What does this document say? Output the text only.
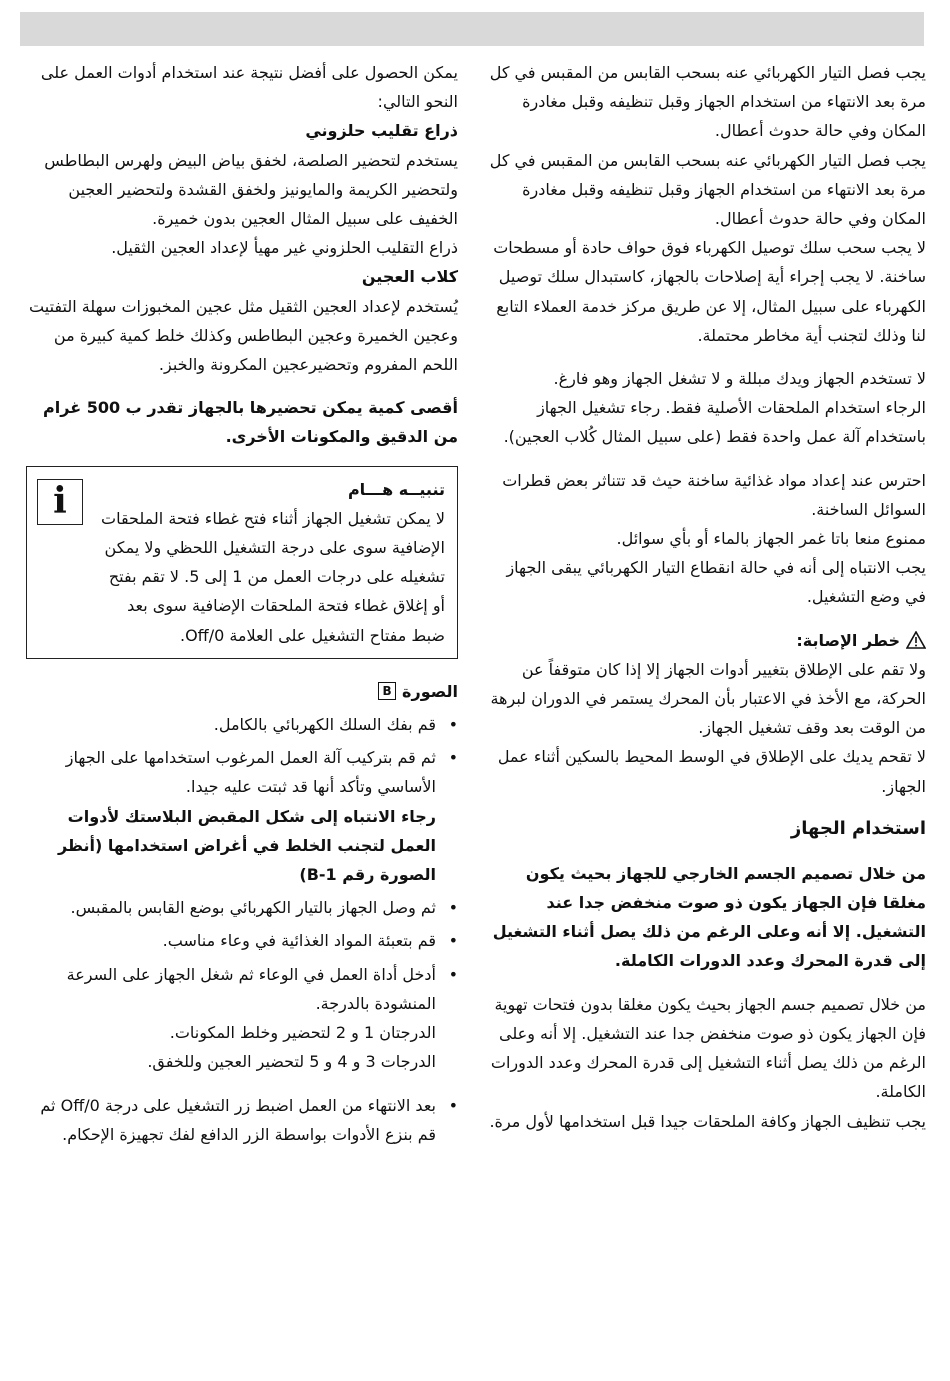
يجب فصل التيار الكهربائي عنه بسحب القابس من المقبس في كل مرة بعد الانتهاء من استخدام الجهاز وقبل تنظيفه وقبل مغادرة المكان وفي حالة حدوث أعطال.

يجب فصل التيار الكهربائي عنه بسحب القابس من المقبس في كل مرة بعد الانتهاء من استخدام الجهاز وقبل تنظيفه وقبل مغادرة المكان وفي حالة حدوث أعطال.

لا يجب سحب سلك توصيل الكهرباء فوق حواف حادة أو مسطحات ساخنة. لا يجب إجراء أية إصلاحات بالجهاز، كاستبدال سلك توصيل الكهرباء على سبيل المثال، إلا عن طريق مركز خدمة العملاء التابع لنا وذلك لتجنب أية مخاطر محتملة.

لا تستخدم الجهاز ويدك مبللة و لا تشغل الجهاز وهو فارغ.

الرجاء استخدام الملحقات الأصلية فقط. رجاء تشغيل الجهاز باستخدام آلة عمل واحدة فقط (على سبيل المثال كُلاب العجين).

احترس عند إعداد مواد غذائية ساخنة حيث قد تتناثر بعض قطرات السوائل الساخنة.

ممنوع منعا باتا غمر الجهاز بالماء أو بأي سوائل.

يجب الانتباه إلى أنه في حالة انقطاع التيار الكهربائي يبقى الجهاز في وضع التشغيل.

خطر الإصابة:

ولا تقم على الإطلاق بتغيير أدوات الجهاز إلا إذا كان متوقفاً عن الحركة، مع الأخذ في الاعتبار بأن المحرك يستمر في الدوران لبرهة من الوقت بعد وقف تشغيل الجهاز.

لا تقحم يديك على الإطلاق في الوسط المحيط بالسكين أثناء عمل الجهاز.

استخدام الجهاز

من خلال تصميم الجسم الخارجي للجهاز بحيث يكون مغلقا فإن الجهاز يكون ذو صوت منخفض جدا عند التشغيل. إلا أنه وعلى الرغم من ذلك يصل أثناء التشغيل إلى قدرة المحرك وعدد الدورات الكاملة.

من خلال تصميم جسم الجهاز بحيث يكون مغلقا بدون فتحات تهوية فإن الجهاز يكون ذو صوت منخفض جدا عند التشغيل. إلا أنه وعلى الرغم من ذلك يصل أثناء التشغيل إلى قدرة المحرك وعدد الدورات الكاملة.

يجب تنظيف الجهاز وكافة الملحقات جيدا قبل استخدامها لأول مرة.

يمكن الحصول على أفضل نتيجة عند استخدام أدوات العمل على النحو التالي:

ذراع تقليب حلزوني

يستخدم لتحضير الصلصة، لخفق بياض البيض ولهرس البطاطس ولتحضير الكريمة والمايونيز ولخفق القشدة ولتحضير العجين الخفيف على سبيل المثال العجين بدون خميرة.

ذراع التقليب الحلزوني غير مهيأ لإعداد العجين الثقيل.

كلاب العجين

يُستخدم لإعداد العجين الثقيل مثل عجين المخبوزات سهلة التفتيت وعجين الخميرة وعجين البطاطس وكذلك خلط كمية كبيرة من اللحم المفروم وتحضيرعجين المكرونة والخبز.

أقصى كمية يمكن تحضيرها بالجهاز تقدر ب 500 غرام من الدقيق والمكونات الأخرى.

تنبيــه هـــام

لا يمكن تشغيل الجهاز أثناء فتح غطاء فتحة الملحقات الإضافية سوى على درجة التشغيل اللحظي ولا يمكن تشغيله على درجات العمل من 1 إلى 5. لا تقم بفتح أو إغلاق غطاء فتحة الملحقات الإضافية سوى بعد ضبط مفتاح التشغيل على العلامة Off/0.

i
الصورة
B
• قم بفك السلك الكهربائي بالكامل.
• ثم قم بتركيب آلة العمل المرغوب استخدامها على الجهاز الأساسي وتأكد أنها قد ثبتت عليه جيدا.

رجاء الانتباه إلى شكل المقبض البلاستك لأدوات العمل لتجنب الخلط في أغراض استخدامها (أنظر الصورة رقم 1-B)

• ثم وصل الجهاز بالتيار الكهربائي بوضع القابس بالمقبس.
• قم بتعبئة المواد الغذائية في وعاء مناسب.
• أدخل أداة العمل في الوعاء ثم شغل الجهاز على السرعة المنشودة بالدرجة.

الدرجتان 1 و 2 لتحضير وخلط المكونات.

الدرجات 3 و 4 و 5 لتحضير العجين وللخفق.

• بعد الانتهاء من العمل اضبط زر التشغيل على درجة Off/0 ثم قم بنزع الأدوات بواسطة الزر الدافع لفك تجهيزة الإحكام.
